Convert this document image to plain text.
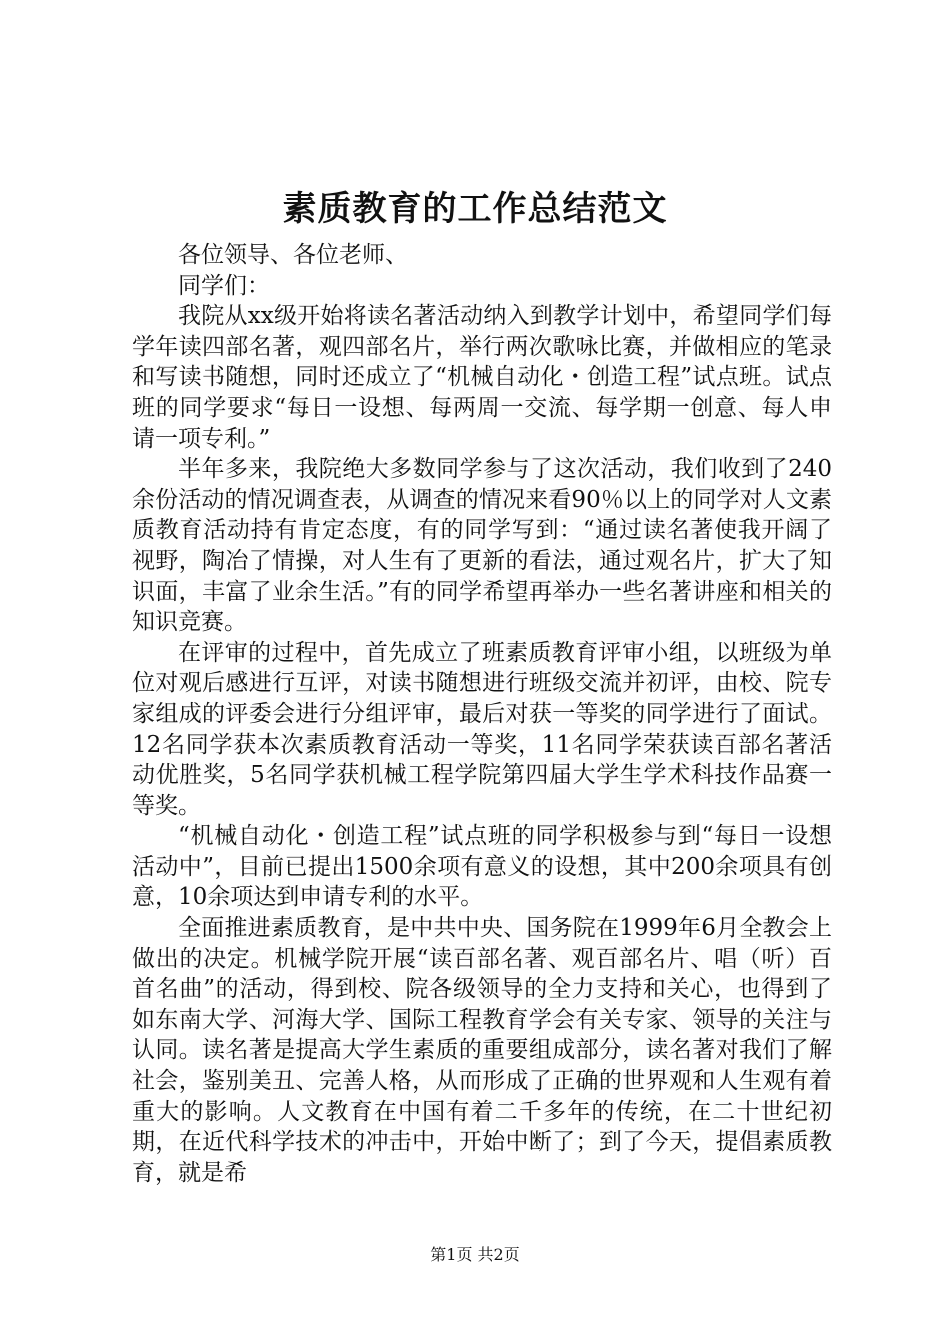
素质教育的工作总结范文

各位领导、各位老师、

同学们：

我院从xx级开始将读名著活动纳入到教学计划中，希望同学们每学年读四部名著，观四部名片，举行两次歌咏比赛，并做相应的笔录和写读书随想，同时还成立了“机械自动化・创造工程”试点班。试点班的同学要求“每日一设想、每两周一交流、每学期一创意、每人申请一项专利。”

半年多来，我院绝大多数同学参与了这次活动，我们收到了240余份活动的情况调查表，从调查的情况来看90％以上的同学对人文素质教育活动持有肯定态度，有的同学写到：“通过读名著使我开阔了视野，陶冶了情操，对人生有了更新的看法，通过观名片，扩大了知识面，丰富了业余生活。”有的同学希望再举办一些名著讲座和相关的知识竞赛。

在评审的过程中，首先成立了班素质教育评审小组，以班级为单位对观后感进行互评，对读书随想进行班级交流并初评，由校、院专家组成的评委会进行分组评审，最后对获一等奖的同学进行了面试。12名同学获本次素质教育活动一等奖，11名同学荣获读百部名著活动优胜奖，5名同学获机械工程学院第四届大学生学术科技作品赛一等奖。

“机械自动化・创造工程”试点班的同学积极参与到“每日一设想活动中”，目前已提出1500余项有意义的设想，其中200余项具有创意，10余项达到申请专利的水平。

全面推进素质教育，是中共中央、国务院在1999年6月全教会上做出的决定。机械学院开展“读百部名著、观百部名片、唱（听）百首名曲”的活动，得到校、院各级领导的全力支持和关心，也得到了如东南大学、河海大学、国际工程教育学会有关专家、领导的关注与认同。读名著是提高大学生素质的重要组成部分，读名著对我们了解社会，鉴别美丑、完善人格，从而形成了正确的世界观和人生观有着重大的影响。人文教育在中国有着二千多年的传统，在二十世纪初期，在近代科学技术的冲击中，开始中断了；到了今天，提倡素质教育，就是希

第1页 共2页
